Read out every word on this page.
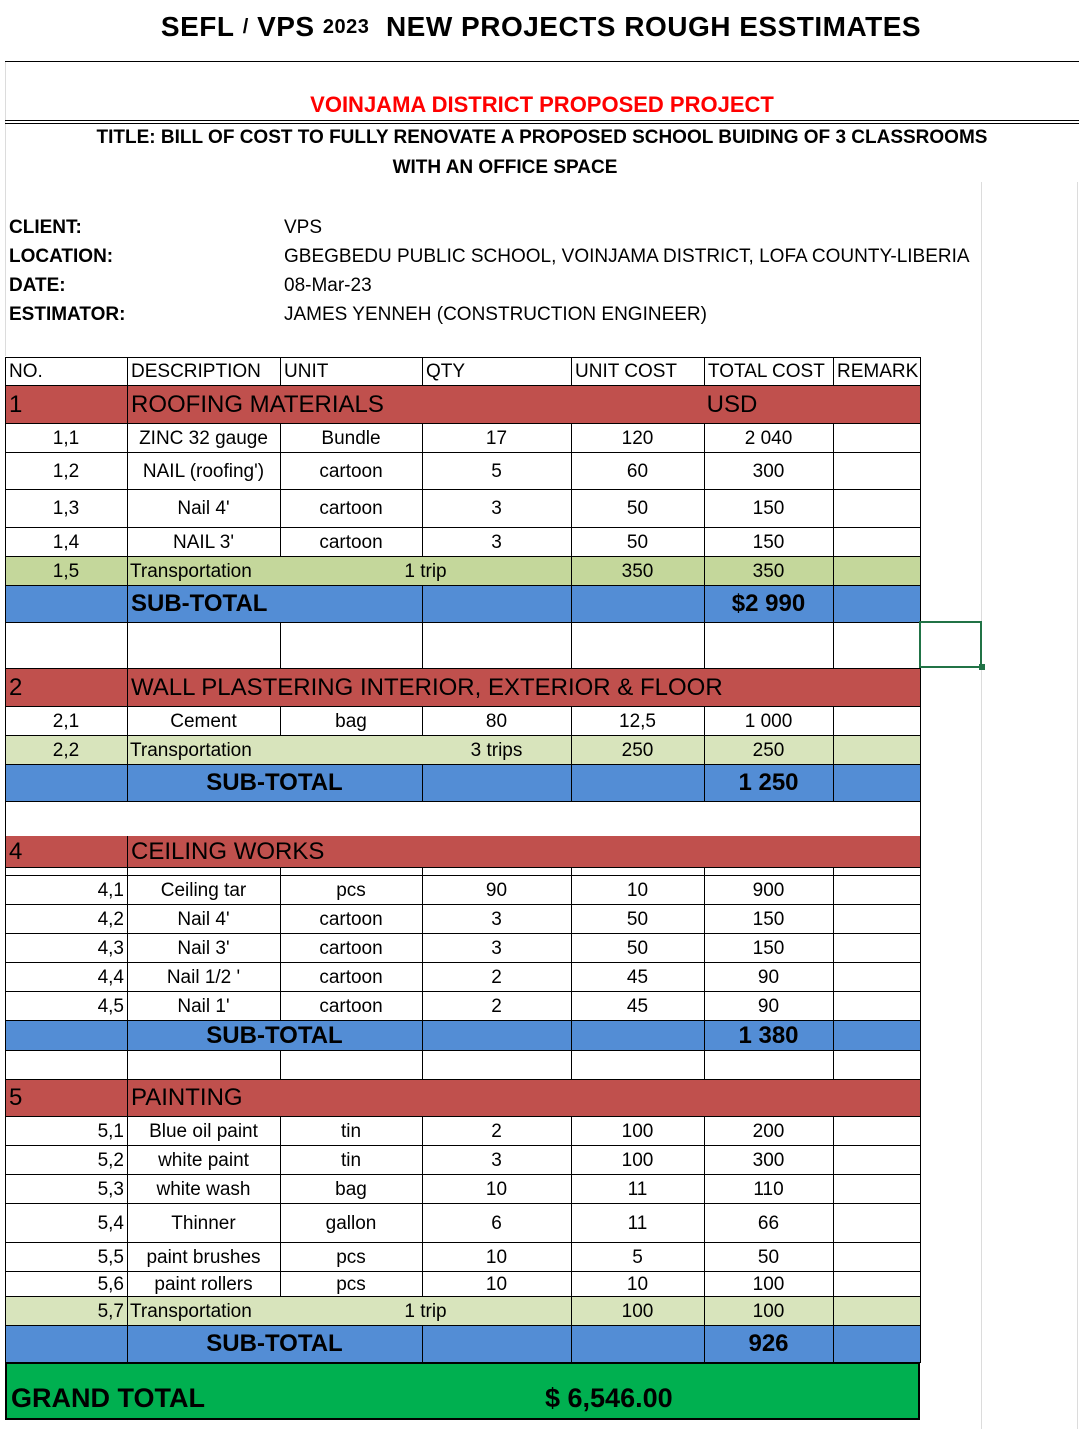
SEFL
/
VPS
2023
NEW PROJECTS ROUGH ESSTIMATES
VOINJAMA DISTRICT PROPOSED PROJECT
TITLE: BILL OF COST TO FULLY RENOVATE A PROPOSED SCHOOL BUIDING OF 3 CLASSROOMS
WITH AN OFFICE SPACE
CLIENT:	VPS
LOCATION:	GBEGBEDU PUBLIC SCHOOL, VOINJAMA DISTRICT, LOFA COUNTY-LIBERIA
DATE:	08-Mar-23
ESTIMATOR:	JAMES YENNEH (CONSTRUCTION ENGINEER)
NO.	DESCRIPTION	UNIT	QTY	UNIT COST	TOTAL COST REMARK
1	ROOFING MATERIALS	USD
1,1	ZINC 32 gauge	Bundle	17	120	2 040
1,2	NAIL (roofing')	cartoon	5	60	300
1,3	Nail 4'	cartoon	3	50	150
1,4	NAIL 3'	cartoon	3	50	150
1,5	Transportation	1 trip	350	350
SUB-TOTAL	$2 990
2	WALL PLASTERING INTERIOR, EXTERIOR & FLOOR
2,1	Cement	bag	80	12,5	1 000
2,2	Transportation	3 trips	250	250
SUB-TOTAL	1 250
4	CEILING WORKS
4,1	Ceiling tar	pcs	90	10	900
4,2	Nail 4'	cartoon	3	50	150
4,3	Nail 3'	cartoon	3	50	150
4,4	Nail 1/2 '	cartoon	2	45	90
4,5	Nail 1'	cartoon	2	45	90
SUB-TOTAL	1 380
5	PAINTING
5,1	Blue oil paint	tin	2	100	200
5,2	white paint	tin	3	100	300
5,3	white wash	bag	10	11	110
5,4	Thinner	gallon	6	11	66
5,5	paint brushes	pcs	10	5	50
5,6	paint rollers	pcs	10	10	100
5,7 Transportation	1 trip	100	100
SUB-TOTAL	926
GRAND TOTAL	$ 6,546.00
